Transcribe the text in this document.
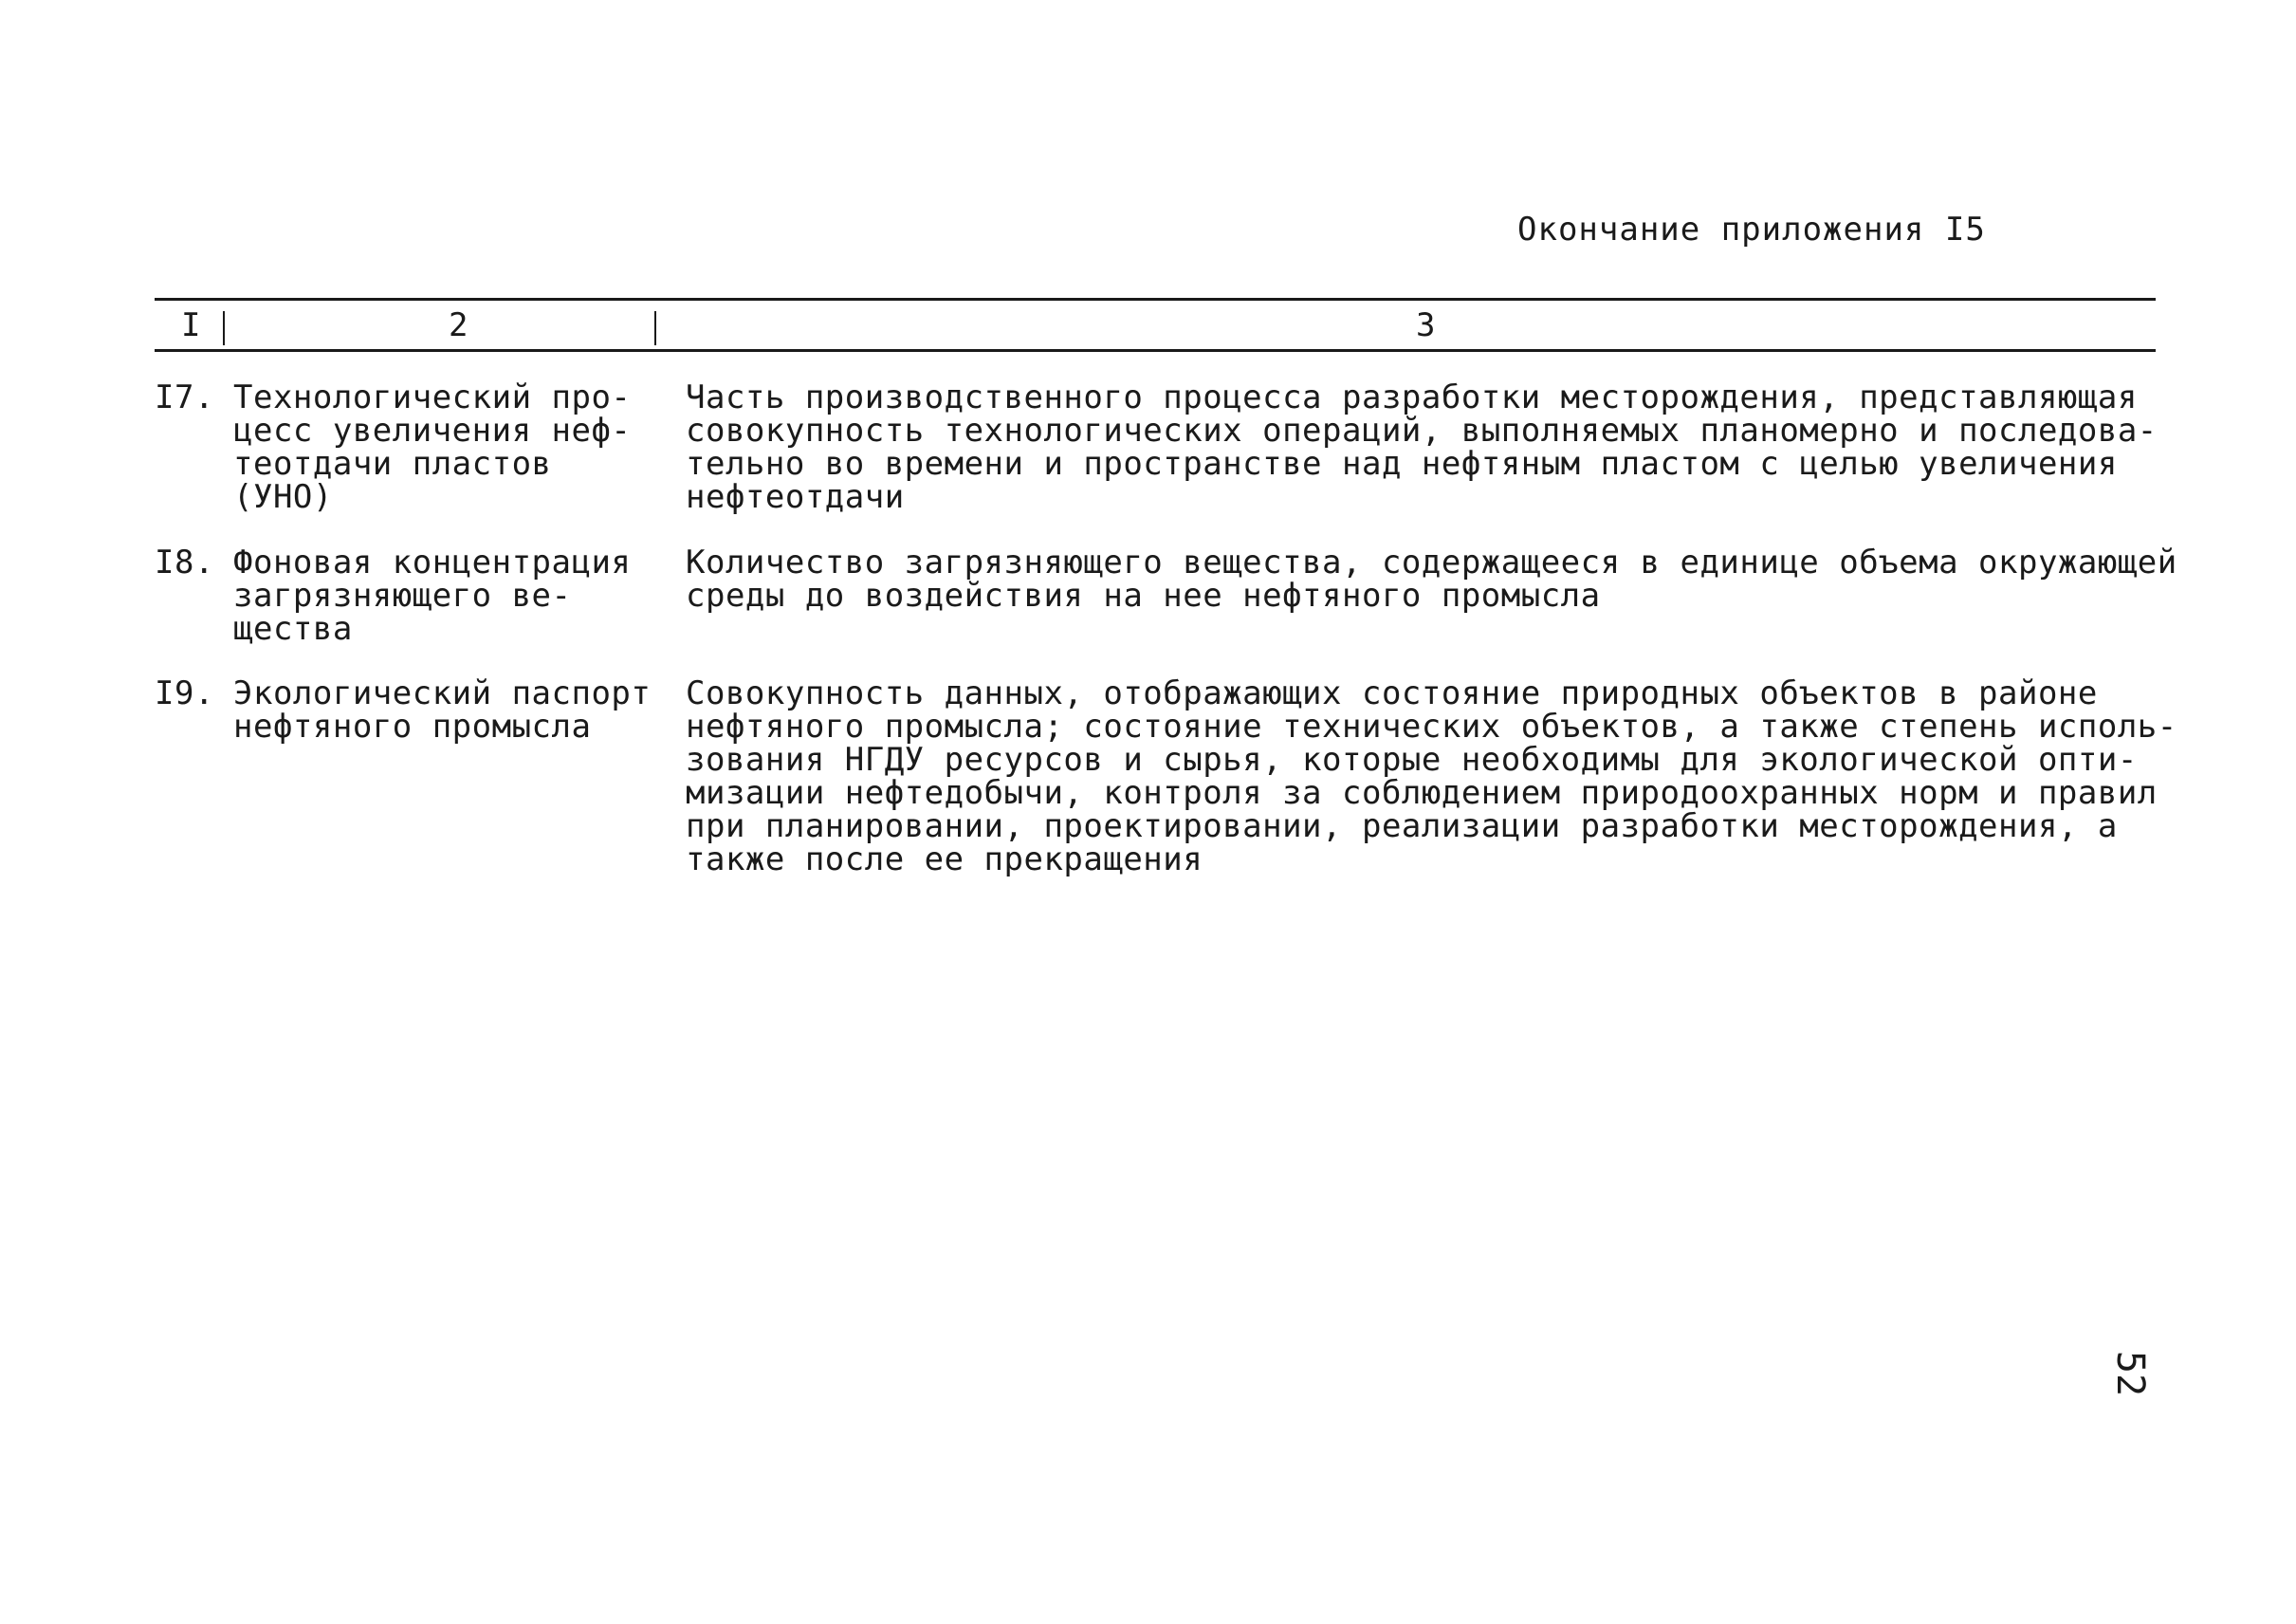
Окончание приложения I5
I	2	3
I7. Технологический про-
цесс увеличения неф-
теотдачи пластов
(УНО)
Часть производственного процесса разработки месторождения, представляющая
совокупность технологических операций, выполняемых планомерно и последова-
тельно во времени и пространстве над нефтяным пластом с целью увеличения
нефтеотдачи
I8. Фоновая концентрация
загрязняющего ве-
щества
Количество загрязняющего вещества, содержащееся в единице объема окружающей
среды до воздействия на нее нефтяного промысла
I9. Экологический паспорт
нефтяного промысла
Совокупность данных, отображающих состояние природных объектов в районе
нефтяного промысла; состояние технических объектов, а также степень исполь-
зования НГДУ ресурсов и сырья, которые необходимы для экологической опти-
мизации нефтедобычи, контроля за соблюдением природоохранных норм и правил
при планировании, проектировании, реализации разработки месторождения, а
также после ее прекращения
52
